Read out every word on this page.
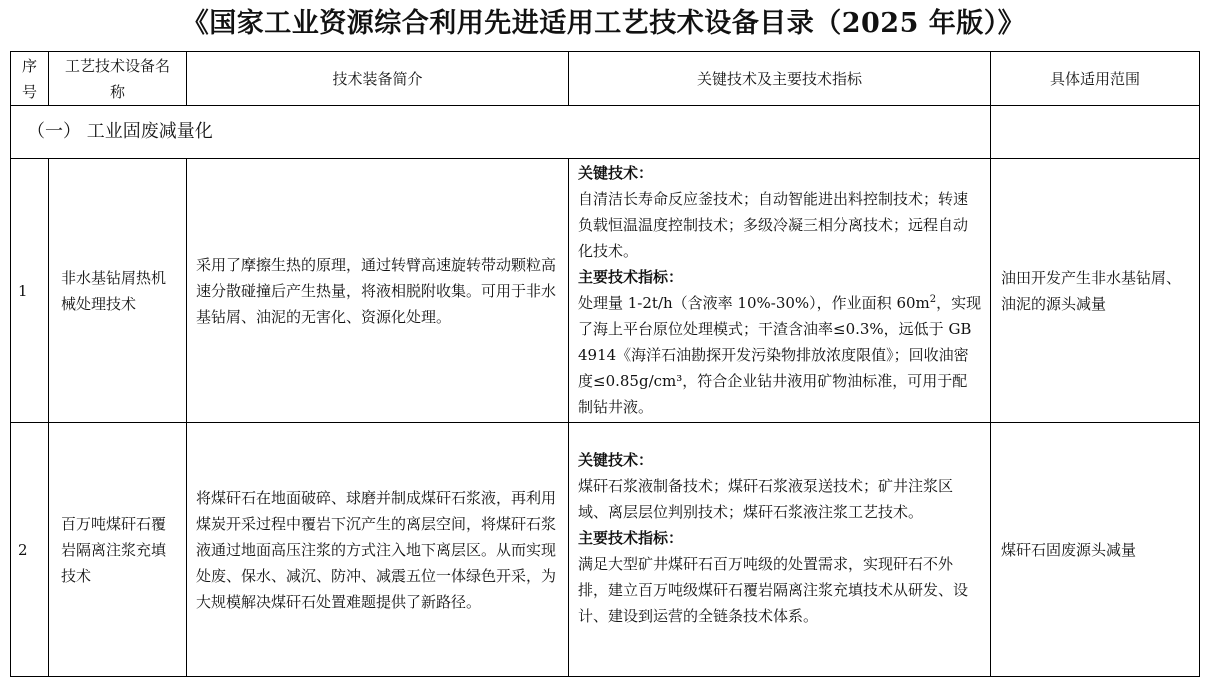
《国家工业资源综合利用先进适用工艺技术设备目录（2025 年版）》
序号	工艺技术设备名称	技术装备简介	关键技术及主要技术指标	具体适用范围
（一） 工业固废减量化				
1	非水基钻屑热机械处理技术	采用了摩擦生热的原理，通过转臂高速旋转带动颗粒高速分散碰撞后产生热量，将液相脱附收集。可用于非水基钻屑、油泥的无害化、资源化处理。	关键技术：
自清洁长寿命反应釜技术；自动智能进出料控制技术；转速负载恒温温度控制技术；多级冷凝三相分离技术；远程自动化技术。
主要技术指标：
处理量 1-2t/h（含液率 10%-30%），作业面积 $60m^2$，实现了海上平台原位处理模式；干渣含油率≤0.3%，远低于 GB 4914《海洋石油勘探开发污染物排放浓度限值》；回收油密度≤0.85g/cm³，符合企业钻井液用矿物油标准，可用于配制钻井液。	油田开发产生非水基钻屑、油泥的源头减量
2	百万吨煤矸石覆岩隔离注浆充填技术	将煤矸石在地面破碎、球磨并制成煤矸石浆液，再利用煤炭开采过程中覆岩下沉产生的离层空间，将煤矸石浆液通过地面高压注浆的方式注入地下离层区。从而实现处废、保水、减沉、防冲、减震五位一体绿色开采，为大规模解决煤矸石处置难题提供了新路径。	关键技术：
煤矸石浆液制备技术；煤矸石浆液泵送技术；矿井注浆区域、离层层位判别技术；煤矸石浆液注浆工艺技术。
主要技术指标：
满足大型矿井煤矸石百万吨级的处置需求，实现矸石不外排，建立百万吨级煤矸石覆岩隔离注浆充填技术从研发、设计、建设到运营的全链条技术体系。	煤矸石固废源头减量
